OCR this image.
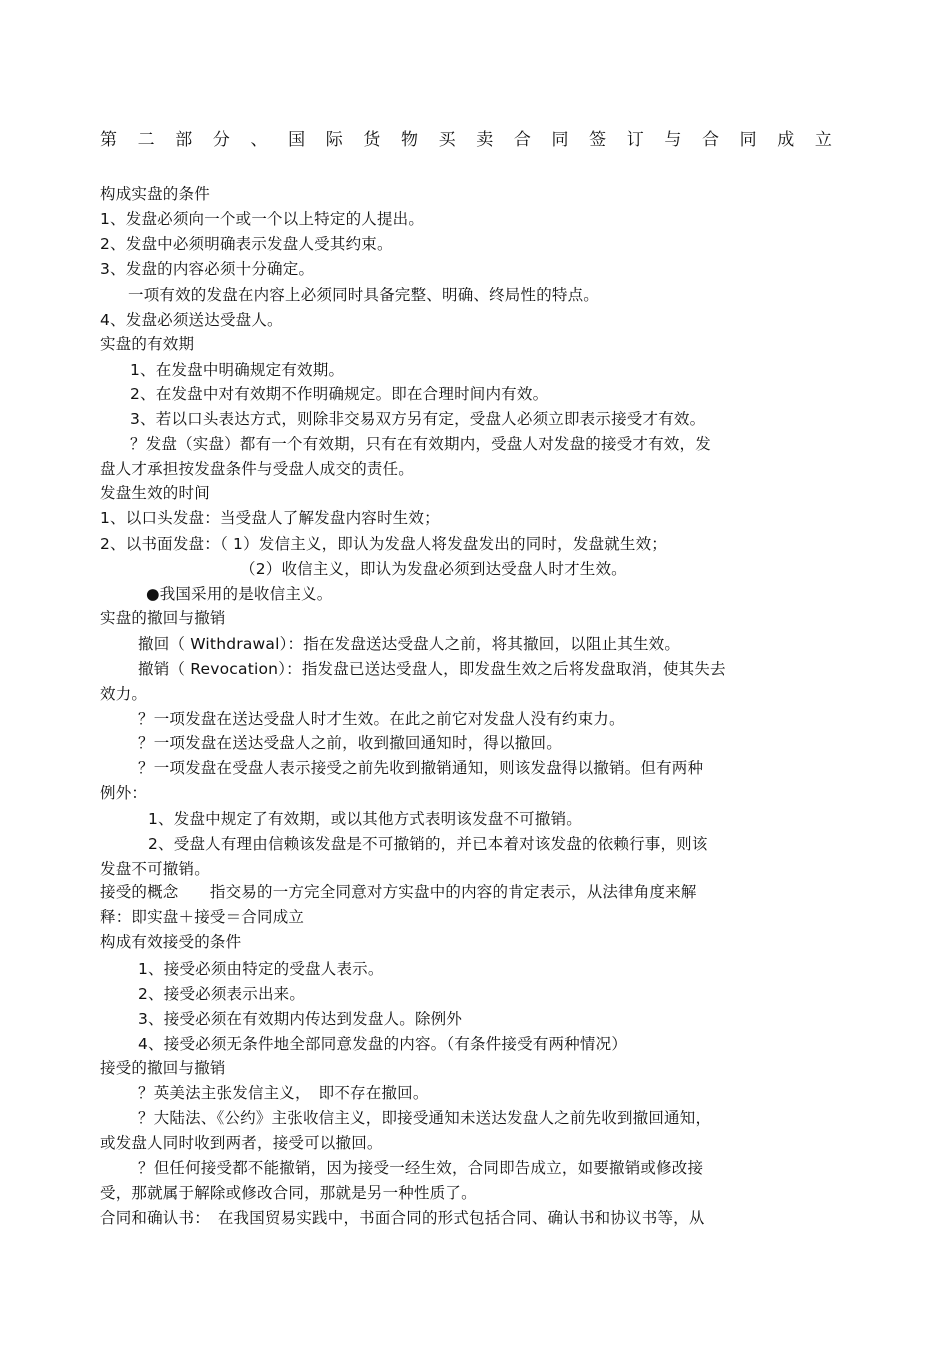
第 二 部 分 、 国 际 货 物 买 卖 合 同 签 订 与 合 同 成 立
构成实盘的条件
1、发盘必须向一个或一个以上特定的人提出。
2、发盘中必须明确表示发盘人受其约束。
3、发盘的内容必须十分确定。
一项有效的发盘在内容上必须同时具备完整、明确、终局性的特点。
4、发盘必须送达受盘人。
实盘的有效期
1、在发盘中明确规定有效期。
2、在发盘中对有效期不作明确规定。即在合理时间内有效。
3、若以口头表达方式，则除非交易双方另有定，受盘人必须立即表示接受才有效。
？发盘（实盘）都有一个有效期，只有在有效期内，受盘人对发盘的接受才有效，发
盘人才承担按发盘条件与受盘人成交的责任。
发盘生效的时间
1、以口头发盘：当受盘人了解发盘内容时生效；
2、以书面发盘：（ 1）发信主义，即认为发盘人将发盘发出的同时，发盘就生效；
（2）收信主义，即认为发盘必须到达受盘人时才生效。
●我国采用的是收信主义。
实盘的撤回与撤销
撤回（ Withdrawal）：指在发盘送达受盘人之前，将其撤回，以阻止其生效。
撤销（ Revocation）：指发盘已送达受盘人，即发盘生效之后将发盘取消，使其失去
效力。
？一项发盘在送达受盘人时才生效。在此之前它对发盘人没有约束力。
？一项发盘在送达受盘人之前，收到撤回通知时，得以撤回。
？一项发盘在受盘人表示接受之前先收到撤销通知，则该发盘得以撤销。但有两种
例外：
1、发盘中规定了有效期，或以其他方式表明该发盘不可撤销。
2、受盘人有理由信赖该发盘是不可撤销的，并已本着对该发盘的依赖行事，则该
发盘不可撤销。
接受的概念　　指交易的一方完全同意对方实盘中的内容的肯定表示，从法律角度来解
释：即实盘＋接受＝合同成立
构成有效接受的条件
1、接受必须由特定的受盘人表示。
2、接受必须表示出来。
3、接受必须在有效期内传达到发盘人。除例外
4、接受必须无条件地全部同意发盘的内容。（有条件接受有两种情况）
接受的撤回与撤销
？英美法主张发信主义，　即不存在撤回。
？大陆法、《公约》主张收信主义，即接受通知未送达发盘人之前先收到撤回通知，
或发盘人同时收到两者，接受可以撤回。
？但任何接受都不能撤销，因为接受一经生效，合同即告成立，如要撤销或修改接
受，那就属于解除或修改合同，那就是另一种性质了。
合同和确认书：　在我国贸易实践中，书面合同的形式包括合同、确认书和协议书等，从
